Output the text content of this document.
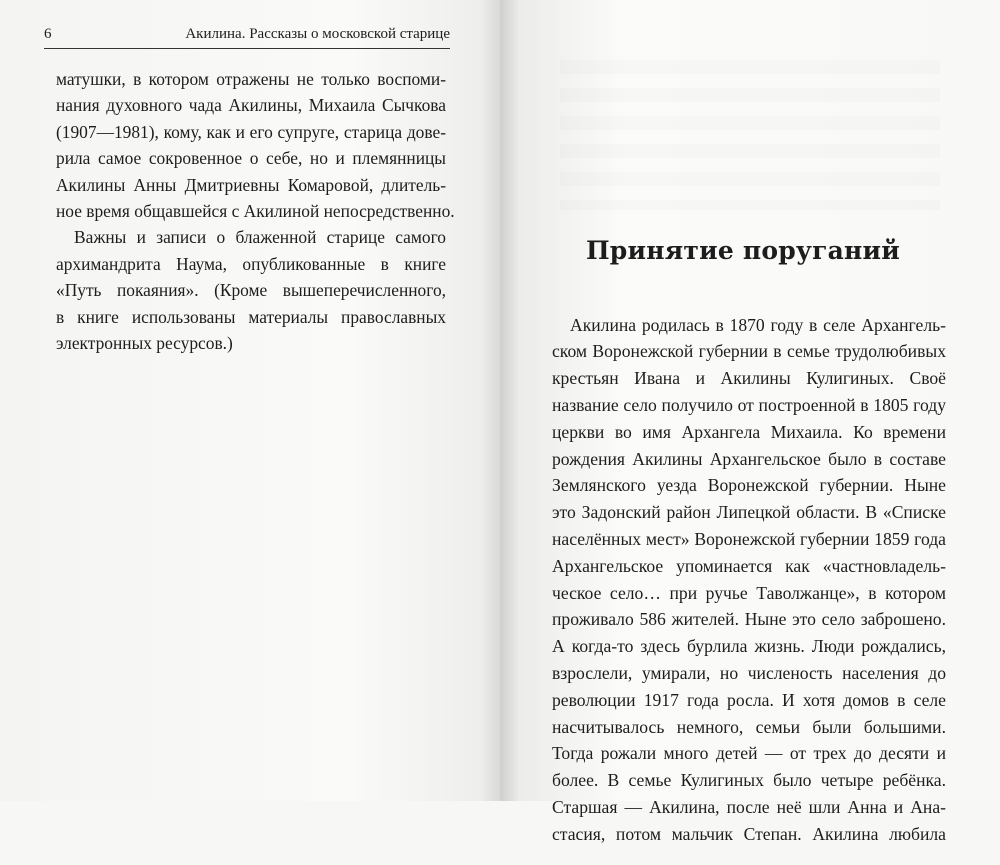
6	Акилина. Рассказы о московской старице

матушки, в котором отражены не только воспоми-
нания духовного чада Акилины, Михаила Сычкова
(1907—1981), кому, как и его супруге, старица дове-
рила самое сокровенное о себе, но и племянницы
Акилины Анны Дмитриевны Комаровой, длитель-
ное время общавшейся с Акилиной непосредственно.

Важны и записи о блаженной старице самого
архимандрита Наума, опубликованные в книге
«Путь покаяния». (Кроме вышеперечисленного,
в книге использованы материалы православных
электронных ресурсов.)

Принятие поруганий

Акилина родилась в 1870 году в селе Архангель-
ском Воронежской губернии в семье трудолюбивых
крестьян Ивана и Акилины Кулигиных. Своё
название село получило от построенной в 1805 году
церкви во имя Архангела Михаила. Ко времени
рождения Акилины Архангельское было в составе
Землянского уезда Воронежской губернии. Ныне
это Задонский район Липецкой области. В «Списке
населённых мест» Воронежской губернии 1859 года
Архангельское упоминается как «частновладель-
ческое село… при ручье Таволжанце», в котором
проживало 586 жителей. Ныне это село заброшено.
А когда-то здесь бурлила жизнь. Люди рождались,
взрослели, умирали, но численость населения до
революции 1917 года росла. И хотя домов в селе
насчитывалось немного, семьи были большими.
Тогда рожали много детей — от трех до десяти и
более. В семье Кулигиных было четыре ребёнка.
Старшая — Акилина, после неё шли Анна и Ана-
стасия, потом мальчик Степан. Акилина любила
